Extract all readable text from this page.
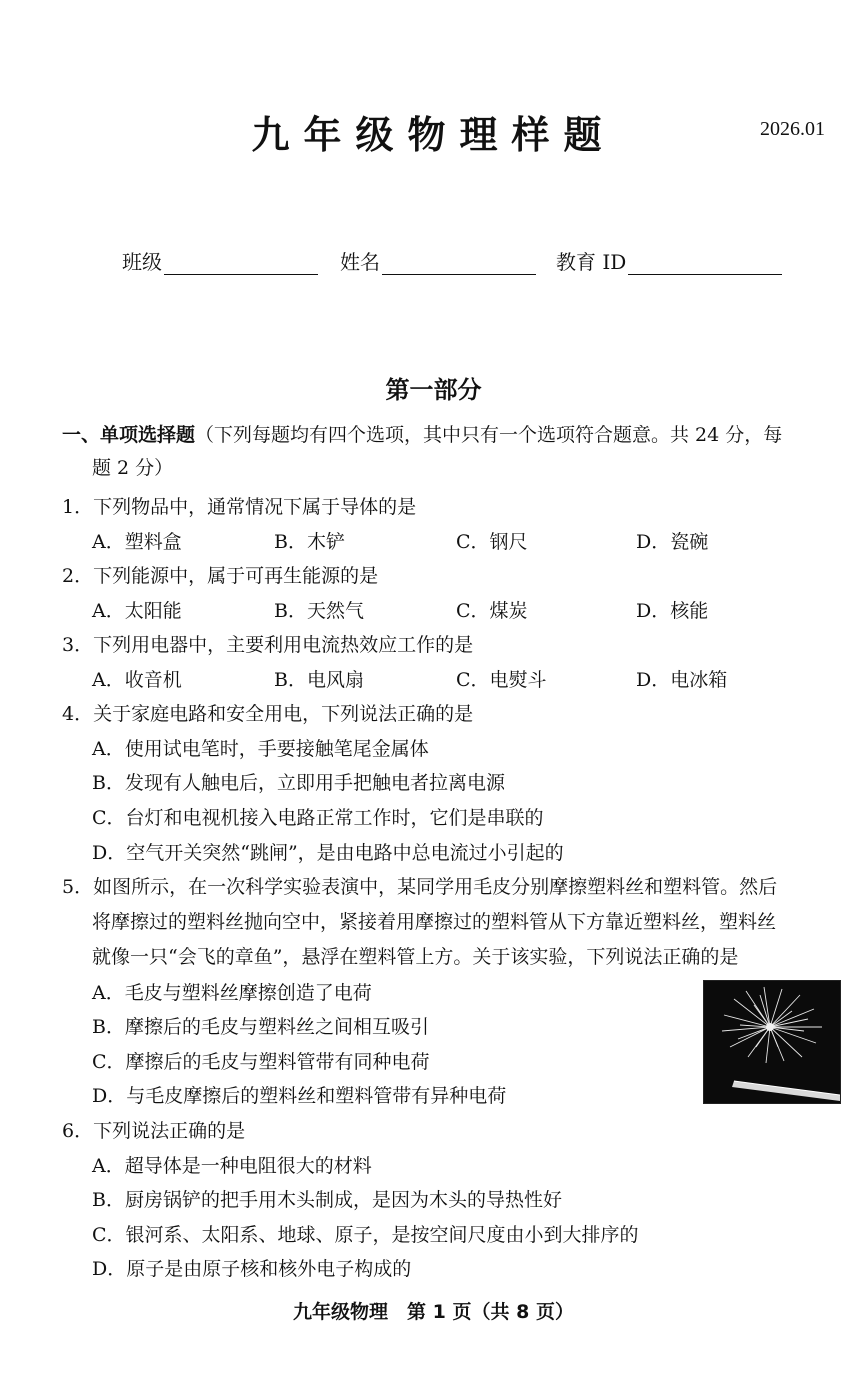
九年级物理样题	2026.01
班级	姓名	教育 ID
第一部分
一、单项选择题（下列每题均有四个选项，其中只有一个选项符合题意。共 24 分，每
题 2 分）
1．下列物品中，通常情况下属于导体的是
A．塑料盒	B．木铲	C．钢尺	D．瓷碗
2．下列能源中，属于可再生能源的是
A．太阳能	B．天然气	C．煤炭	D．核能
3．下列用电器中，主要利用电流热效应工作的是
A．收音机	B．电风扇	C．电熨斗	D．电冰箱
4．关于家庭电路和安全用电，下列说法正确的是
A．使用试电笔时，手要接触笔尾金属体
B．发现有人触电后，立即用手把触电者拉离电源
C．台灯和电视机接入电路正常工作时，它们是串联的
D．空气开关突然“跳闸”，是由电路中总电流过小引起的
5．如图所示，在一次科学实验表演中，某同学用毛皮分别摩擦塑料丝和塑料管。然后
将摩擦过的塑料丝抛向空中，紧接着用摩擦过的塑料管从下方靠近塑料丝，塑料丝
就像一只“会飞的章鱼”，悬浮在塑料管上方。关于该实验，下列说法正确的是
A．毛皮与塑料丝摩擦创造了电荷
B．摩擦后的毛皮与塑料丝之间相互吸引
C．摩擦后的毛皮与塑料管带有同种电荷
D．与毛皮摩擦后的塑料丝和塑料管带有异种电荷
6．下列说法正确的是
A．超导体是一种电阻很大的材料
B．厨房锅铲的把手用木头制成，是因为木头的导热性好
C．银河系、太阳系、地球、原子，是按空间尺度由小到大排序的
D．原子是由原子核和核外电子构成的
九年级物理　第 1 页（共 8 页）
